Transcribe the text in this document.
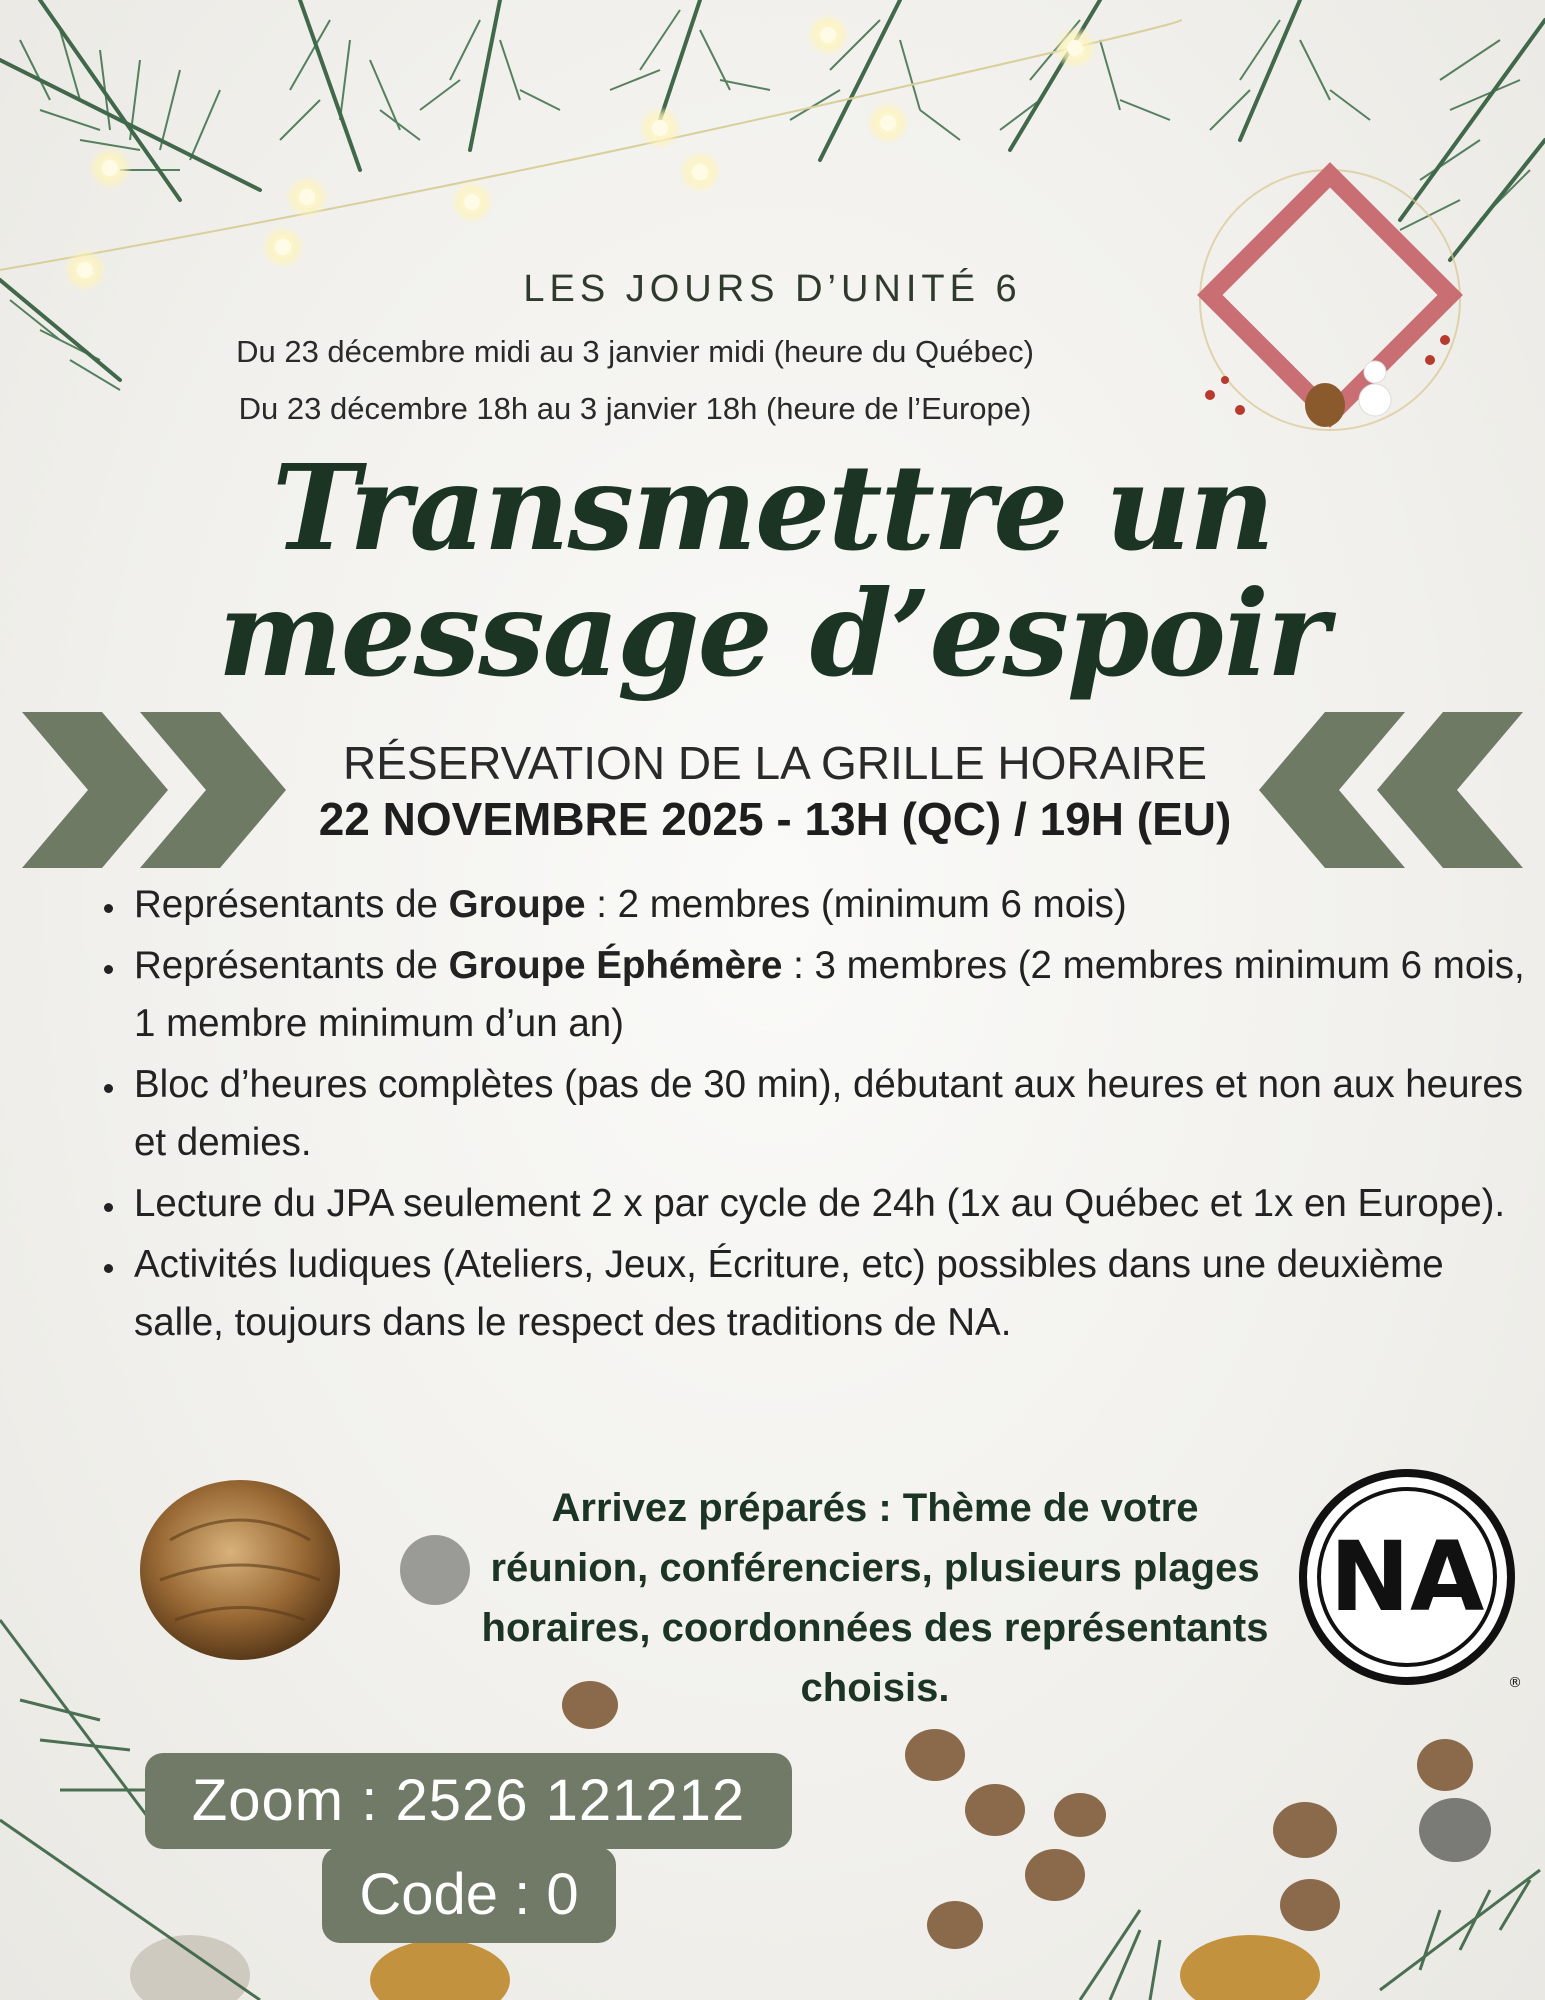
LES JOURS D’UNITÉ 6
Du 23 décembre midi au 3 janvier midi (heure du Québec)
Du 23 décembre 18h au 3 janvier 18h (heure de l’Europe)
Transmettre un
message d’espoir
RÉSERVATION DE LA GRILLE HORAIRE
22 NOVEMBRE 2025 - 13H (QC) / 19H (EU)
• Représentants de Groupe : 2 membres (minimum 6 mois)
• Représentants de Groupe Éphémère : 3 membres (2 membres minimum 6 mois, 1 membre minimum d’un an)
• Bloc d’heures complètes (pas de 30 min), débutant aux heures et non aux heures et demies.
• Lecture du JPA seulement 2 x par cycle de 24h (1x au Québec et 1x en Europe).
• Activités ludiques (Ateliers, Jeux, Écriture, etc) possibles dans une deuxième salle, toujours dans le respect des traditions de NA.
Arrivez préparés : Thème de votre réunion, conférenciers, plusieurs plages horaires, coordonnées des représentants choisis.
NA
®
Zoom : 2526 121212
Code : 0
